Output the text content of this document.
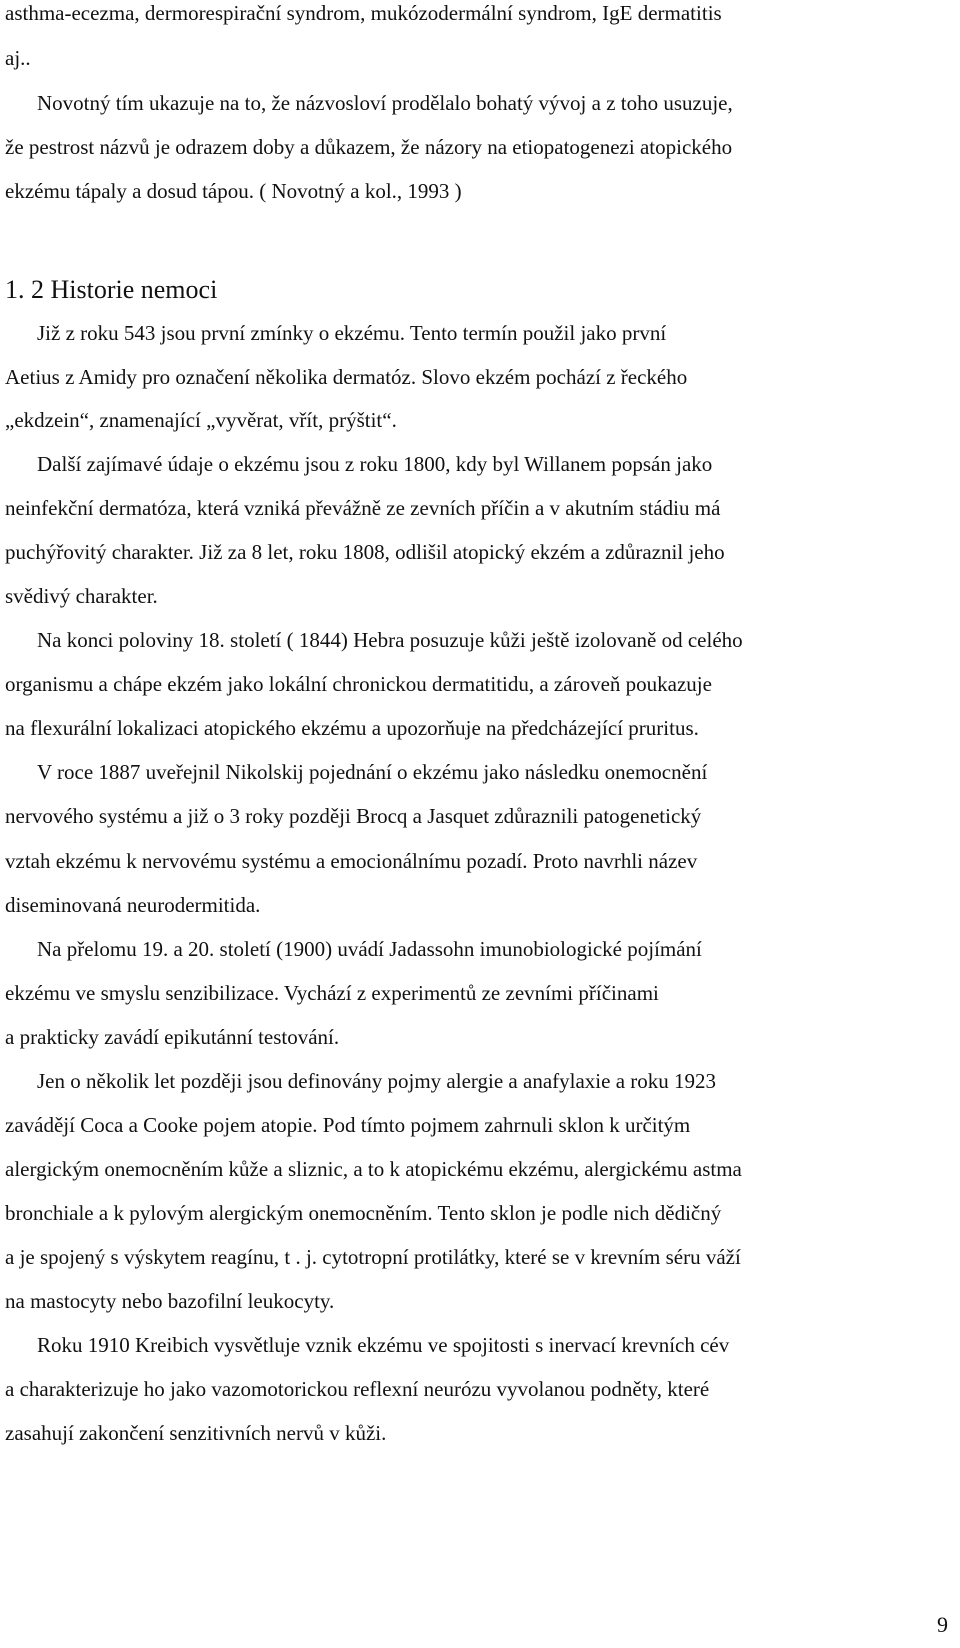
asthma-ecezma, dermorespirační syndrom, mukózodermální syndrom, IgE dermatitis

aj..

Novotný tím ukazuje na to, že názvosloví prodělalo bohatý vývoj a z toho usuzuje,

že pestrost názvů je odrazem doby a důkazem, že názory na etiopatogenezi atopického

ekzému tápaly a dosud tápou. ( Novotný a kol., 1993 )

1. 2 Historie nemoci

Již z roku 543 jsou první zmínky o ekzému. Tento termín použil jako první

Aetius z Amidy pro označení několika dermatóz. Slovo ekzém pochází z řeckého

„ekdzein“, znamenající „vyvěrat, vřít, prýštit“.

Další zajímavé údaje o ekzému jsou z roku 1800, kdy byl Willanem popsán jako

neinfekční dermatóza, která vzniká převážně ze zevních příčin a v akutním stádiu má

puchýřovitý charakter. Již za 8 let, roku 1808, odlišil atopický ekzém a zdůraznil jeho

svědivý charakter.

Na konci poloviny 18. století ( 1844) Hebra posuzuje kůži ještě izolovaně od celého

organismu a chápe ekzém jako lokální chronickou dermatitidu, a zároveň poukazuje

na flexurální lokalizaci atopického ekzému a upozorňuje na předcházející pruritus.

V roce 1887 uveřejnil Nikolskij pojednání o ekzému jako následku onemocnění

nervového systému a již o 3 roky později Brocq a Jasquet zdůraznili patogenetický

vztah ekzému k nervovému systému a emocionálnímu pozadí. Proto navrhli název

diseminovaná neurodermitida.

Na přelomu 19. a 20. století (1900) uvádí Jadassohn imunobiologické pojímání

ekzému ve smyslu senzibilizace. Vychází z experimentů ze zevními příčinami

a prakticky zavádí epikutánní testování.

Jen o několik let později jsou definovány pojmy alergie a anafylaxie a roku 1923

zavádějí Coca a Cooke pojem atopie. Pod tímto pojmem zahrnuli sklon k určitým

alergickým onemocněním kůže a sliznic, a to k atopickému ekzému, alergickému astma

bronchiale a k pylovým alergickým onemocněním. Tento sklon je podle nich dědičný

a je spojený s výskytem reagínu, t . j. cytotropní protilátky, které se v krevním séru váží

na mastocyty nebo bazofilní leukocyty.

Roku 1910 Kreibich vysvětluje vznik ekzému ve spojitosti s inervací krevních cév

a charakterizuje ho jako vazomotorickou reflexní neurózu vyvolanou podněty, které

zasahují zakončení senzitivních nervů v kůži.

9
